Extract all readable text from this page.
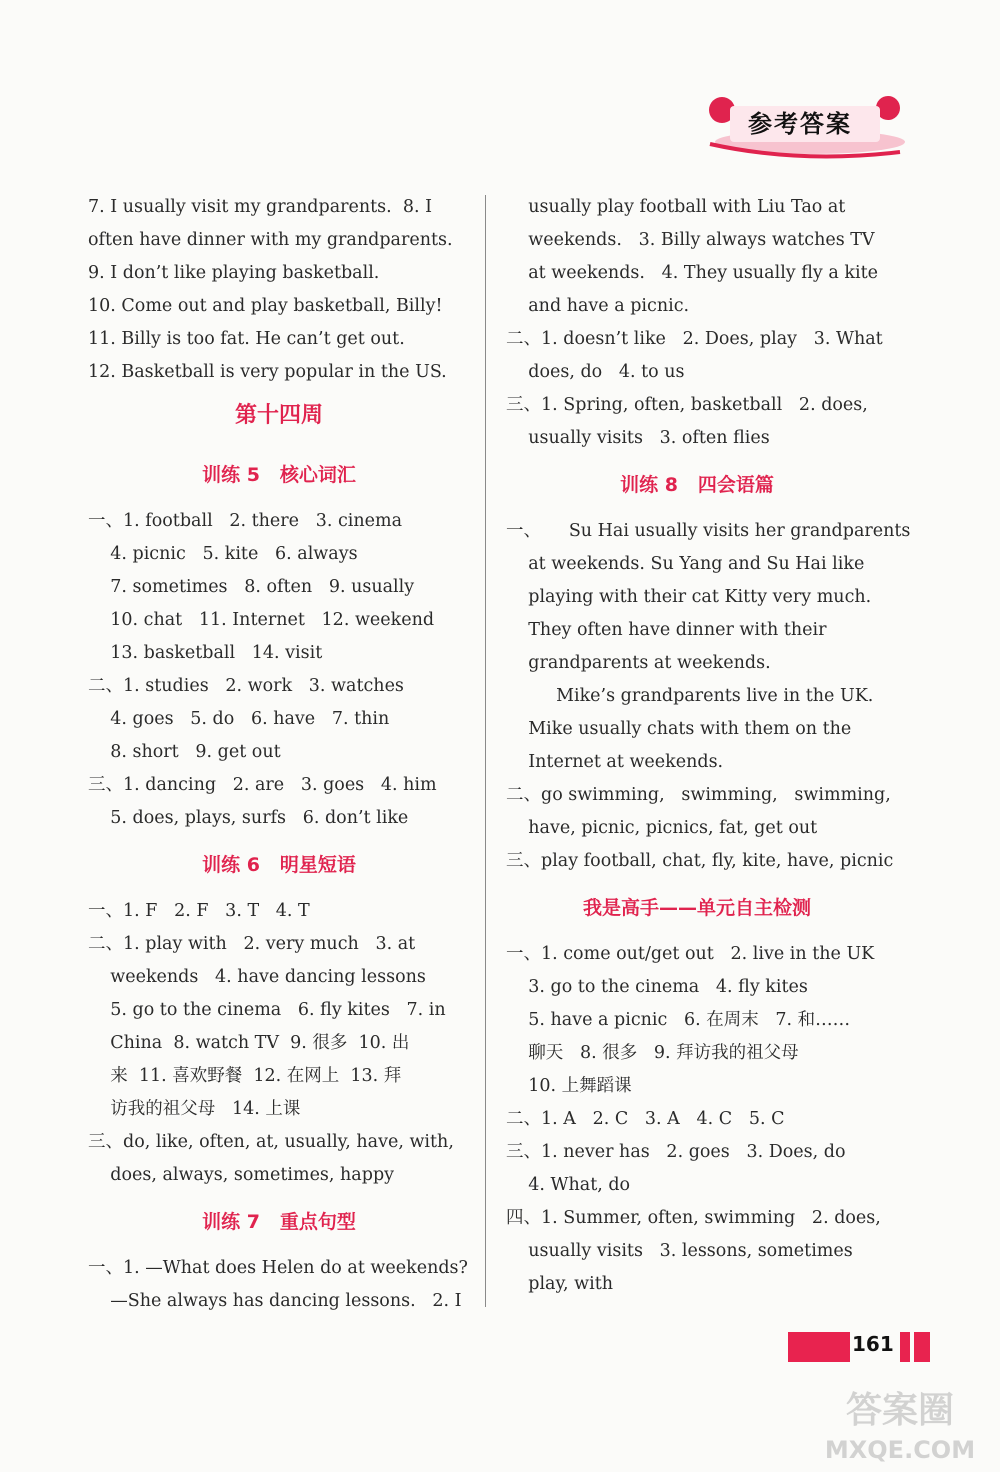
参考答案
7. I usually visit my grandparents.  8. I
often have dinner with my grandparents.
9. I don’t like playing basketball.
10. Come out and play basketball, Billy!
11. Billy is too fat. He can’t get out.
12. Basketball is very popular in the US.
第十四周
训练 5   核心词汇
一、1. football   2. there   3. cinema
4. picnic   5. kite   6. always
7. sometimes   8. often   9. usually
10. chat   11. Internet   12. weekend
13. basketball   14. visit
二、1. studies   2. work   3. watches
4. goes   5. do   6. have   7. thin
8. short   9. get out
三、1. dancing   2. are   3. goes   4. him
5. does, plays, surfs   6. don’t like
训练 6   明星短语
一、1. F   2. F   3. T   4. T
二、1. play with   2. very much   3. at
weekends   4. have dancing lessons
5. go to the cinema   6. fly kites   7. in
China  8. watch TV  9. 很多  10. 出
来  11. 喜欢野餐  12. 在网上  13. 拜
访我的祖父母   14. 上课
三、do, like, often, at, usually, have, with,
does, always, sometimes, happy
训练 7   重点句型
一、1. —What does Helen do at weekends?
—She always has dancing lessons.   2. I
usually play football with Liu Tao at
weekends.   3. Billy always watches TV
at weekends.   4. They usually fly a kite
and have a picnic.
二、1. doesn’t like   2. Does, play   3. What
does, do   4. to us
三、1. Spring, often, basketball   2. does,
usually visits   3. often flies
训练 8   四会语篇
一、     Su Hai usually visits her grandparents
at weekends. Su Yang and Su Hai like
playing with their cat Kitty very much.
They often have dinner with their
grandparents at weekends.
Mike’s grandparents live in the UK.
Mike usually chats with them on the
Internet at weekends.
二、go swimming,   swimming,   swimming,
have, picnic, picnics, fat, get out
三、play football, chat, fly, kite, have, picnic
我是高手——单元自主检测
一、1. come out/get out   2. live in the UK
3. go to the cinema   4. fly kites
5. have a picnic   6. 在周末   7. 和……
聊天   8. 很多   9. 拜访我的祖父母
10. 上舞蹈课
二、1. A   2. C   3. A   4. C   5. C
三、1. never has   2. goes   3. Does, do
4. What, do
四、1. Summer, often, swimming   2. does,
usually visits   3. lessons, sometimes
play, with
161
答案圈
MXQE.COM
